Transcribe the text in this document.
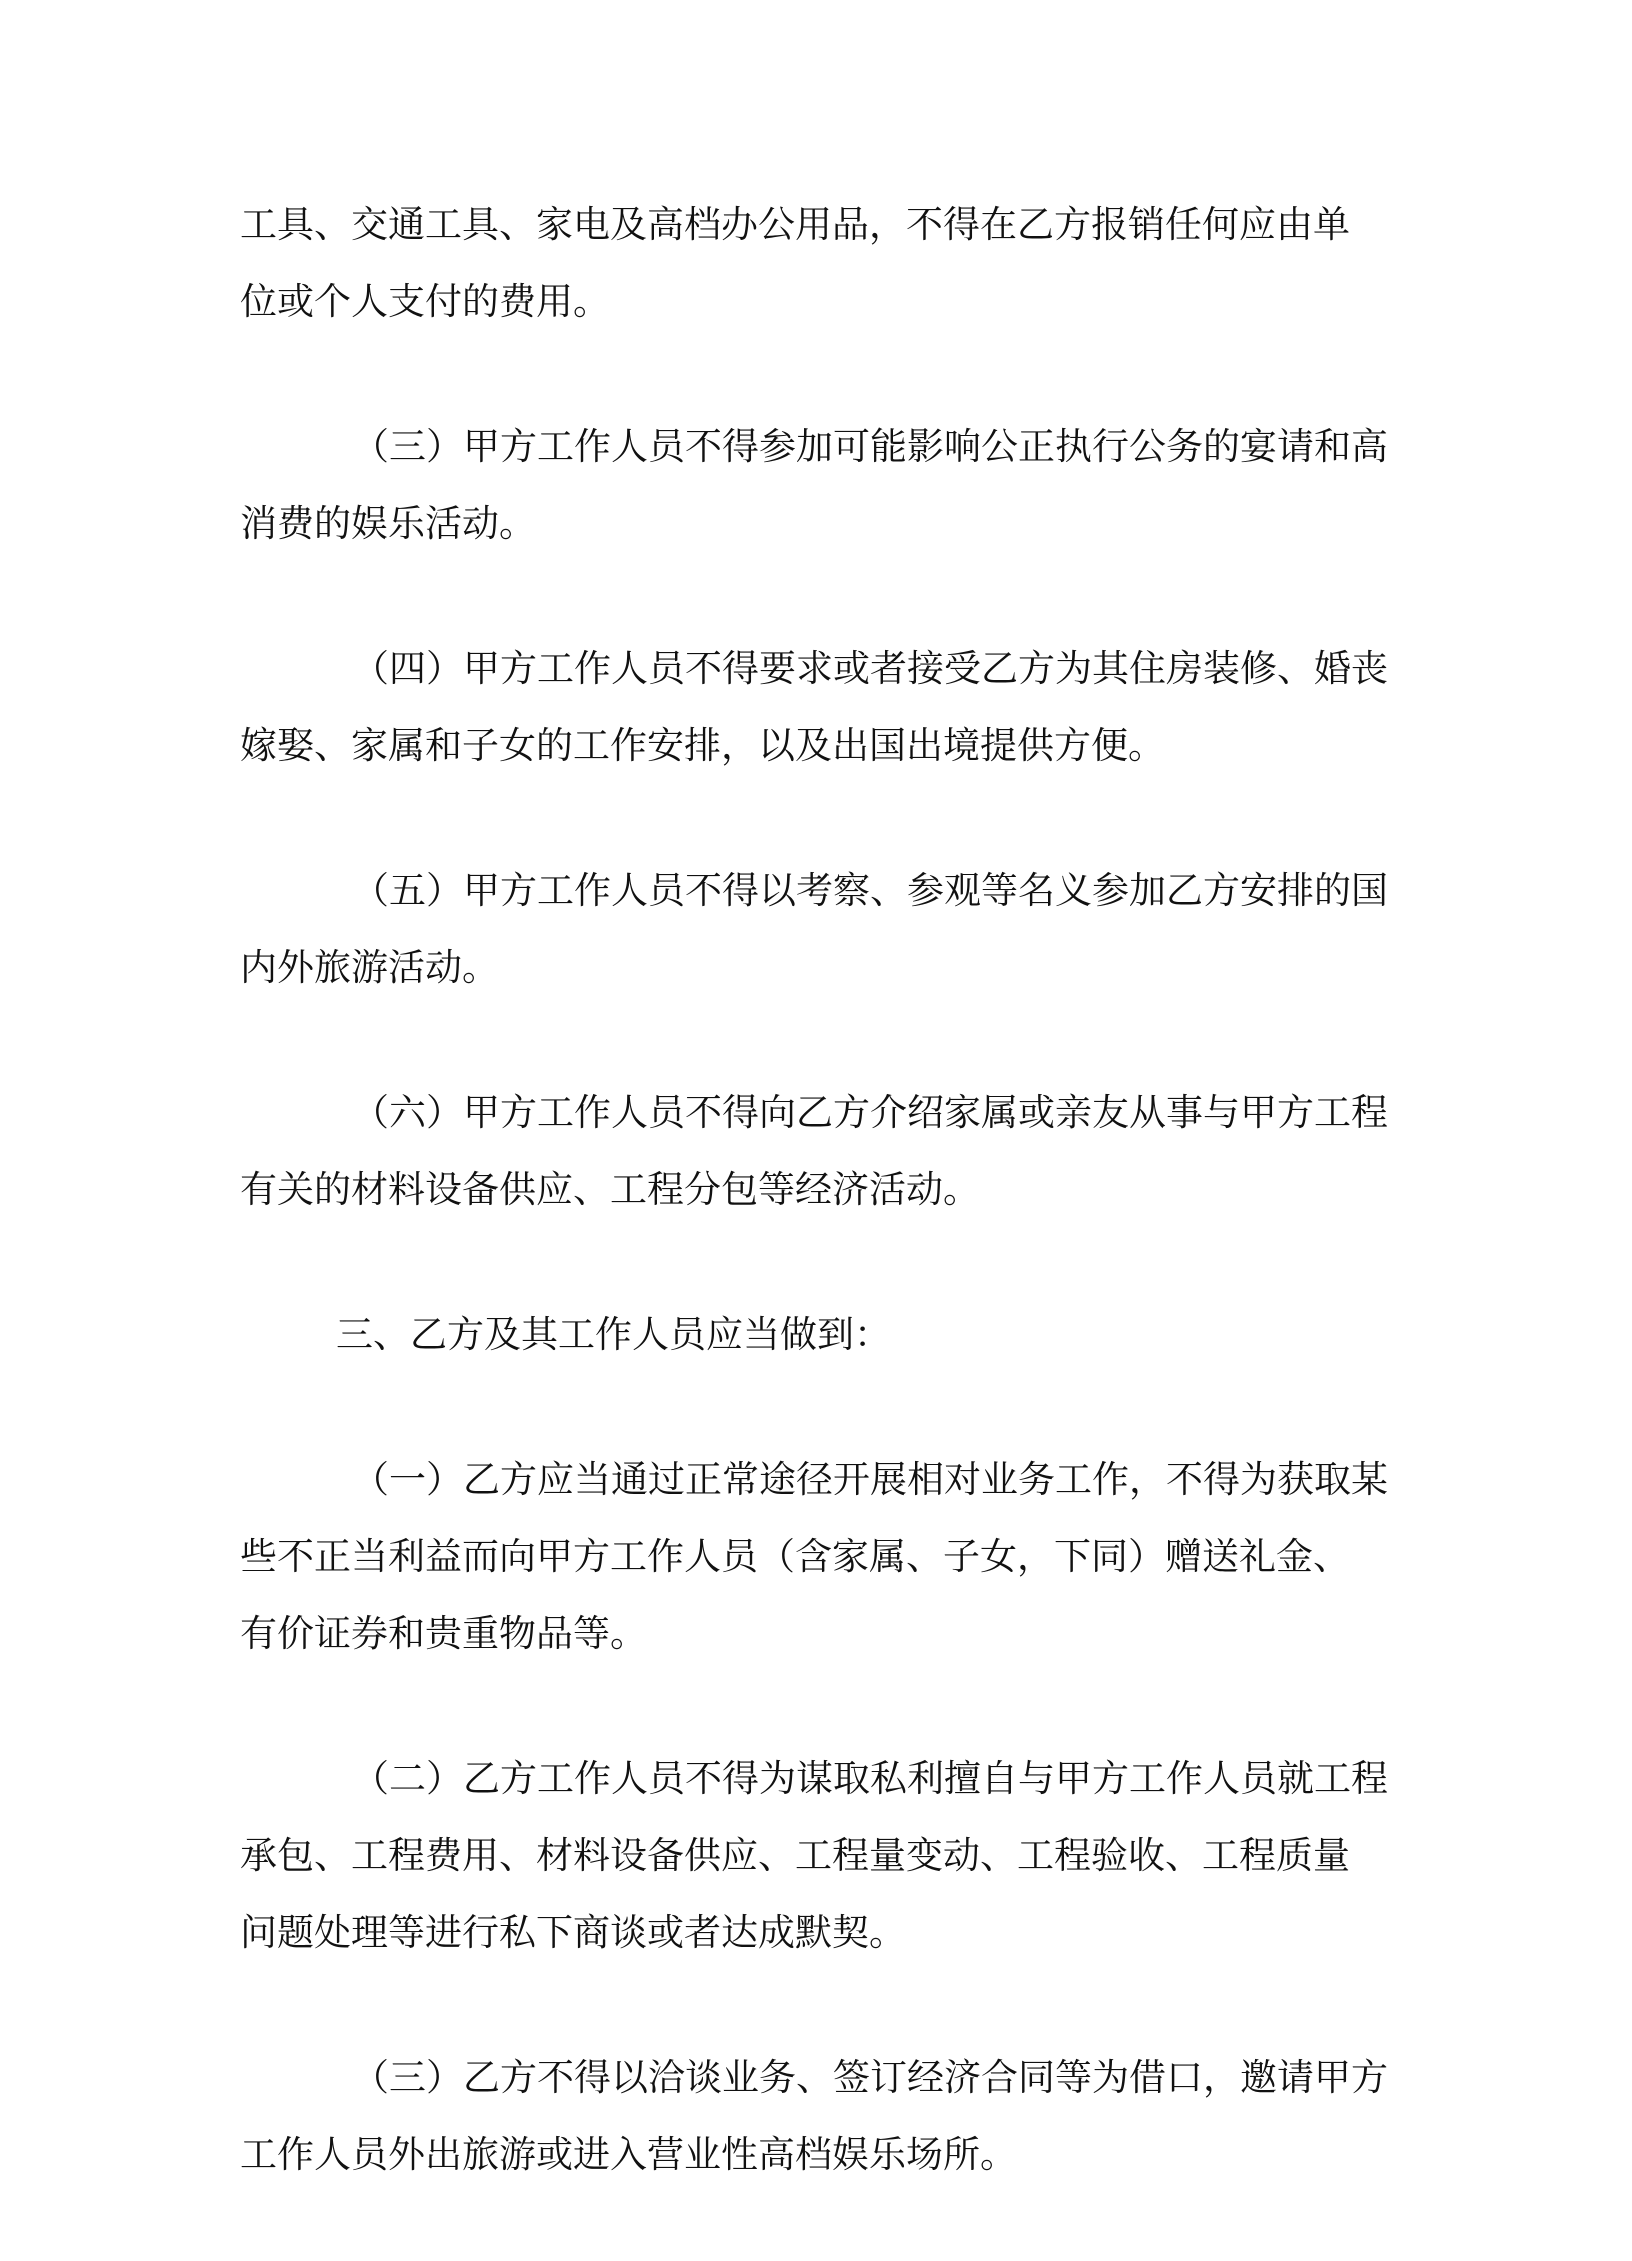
工具、交通工具、家电及高档办公用品，不得在乙方报销任何应由单
位或个人支付的费用。

（三）甲方工作人员不得参加可能影响公正执行公务的宴请和高
消费的娱乐活动。

（四）甲方工作人员不得要求或者接受乙方为其住房装修、婚丧
嫁娶、家属和子女的工作安排，以及出国出境提供方便。

（五）甲方工作人员不得以考察、参观等名义参加乙方安排的国
内外旅游活动。

（六）甲方工作人员不得向乙方介绍家属或亲友从事与甲方工程
有关的材料设备供应、工程分包等经济活动。

三、乙方及其工作人员应当做到：

（一）乙方应当通过正常途径开展相对业务工作，不得为获取某
些不正当利益而向甲方工作人员（含家属、子女，下同）赠送礼金、
有价证券和贵重物品等。

（二）乙方工作人员不得为谋取私利擅自与甲方工作人员就工程
承包、工程费用、材料设备供应、工程量变动、工程验收、工程质量
问题处理等进行私下商谈或者达成默契。

（三）乙方不得以洽谈业务、签订经济合同等为借口，邀请甲方
工作人员外出旅游或进入营业性高档娱乐场所。
